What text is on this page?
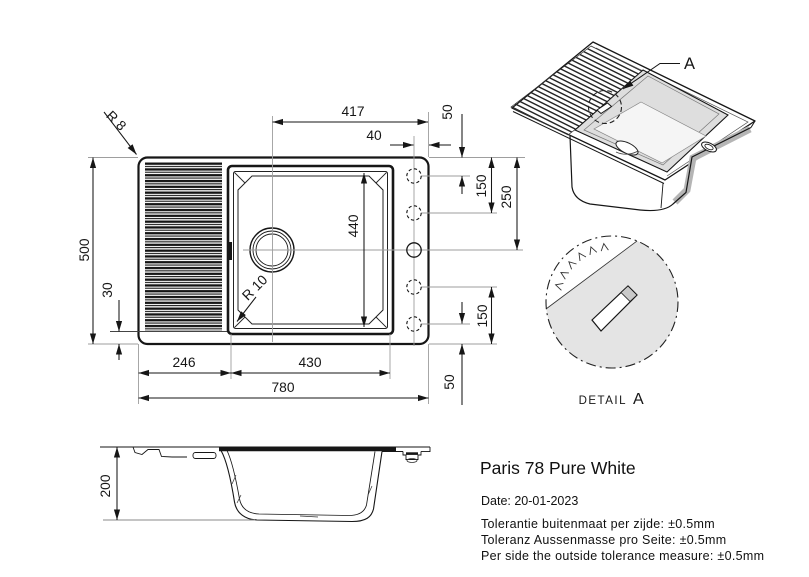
417
40
50
150 250
440
150
50
500
30
246	430
780
R 8
R 10
200
A
DETAIL A
Paris 78 Pure White
Date: 20-01-2023
Tolerantie buitenmaat per zijde: ±0.5mm
Toleranz Aussenmasse pro Seite: ±0.5mm
Per side the outside tolerance measure: ±0.5mm
